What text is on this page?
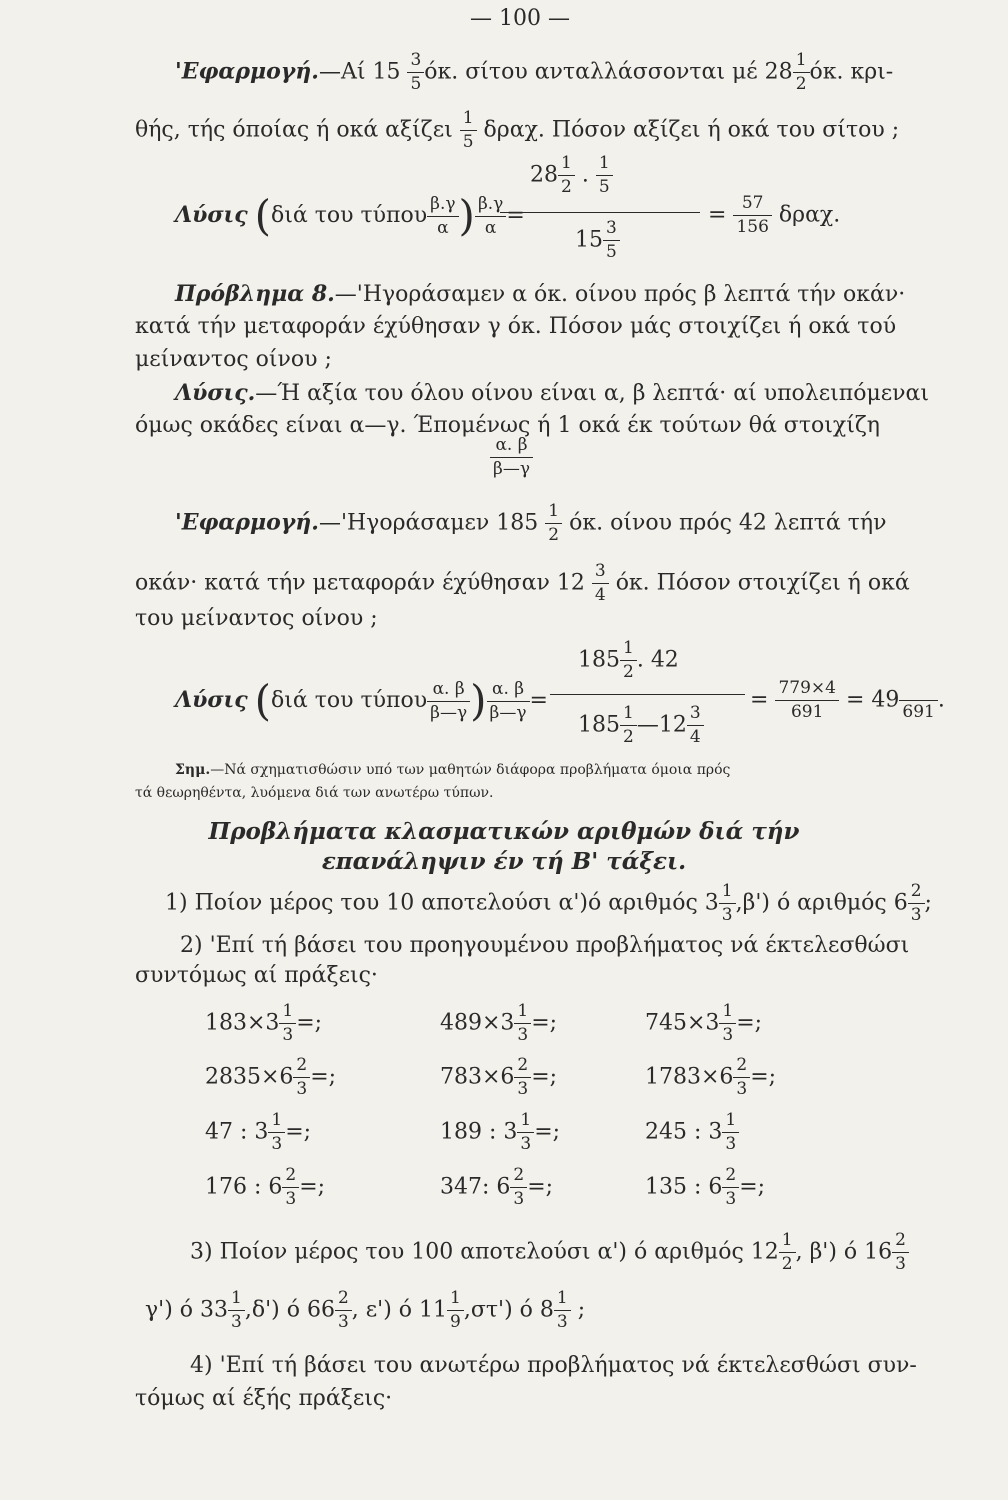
— 100 —
'Εφαρμογή.—Αί $15 \frac{3}{5} ό\kappa$. σίτου ανταλλάσσονται μέ $28 \frac{1}{2} ό\kappa$. κρι-
θής, τής όποίας ή οκά αξίζει $\frac{1}{5} \delta\rho\alpha\chi$. Πόσον αξίζει ή οκά του σίτου ;
Λύσις (διά του τύπου $\frac{\beta.\gamma}{\alpha}$ ) $\frac{\beta.\gamma}{\alpha}$ =
$28 \frac{1}{2}$ . $\frac{1}{5}$
$15 \frac{3}{5}$
= $\frac{57}{156} \delta\rho\alpha\chi$.
Πρόβλημα 8.—'Ηγοράσαμεν α όκ. οίνου πρός β λεπτά τήν οκάν·
κατά τήν μεταφοράν έχύθησαν γ όκ. Πόσον μάς στοιχίζει ή οκά τού
μείναντος οίνου ;
Λύσις.—Ή αξία του όλου οίνου είναι α, β λεπτά· αί υπολειπόμεναι
όμως οκάδες είναι α—γ. Έπομένως ή 1 οκά έκ τούτων θά στοιχίζη
$\frac{\alpha. \beta}{\beta—\gamma}$
'Εφαρμογή.—'Ηγοράσαμεν $185 \frac{1}{2} ό\kappa$. οίνου πρός 42 λεπτά τήν
οκάν· κατά τήν μεταφοράν έχύθησαν $12 \frac{3}{4} ό\kappa$. Πόσον στοιχίζει ή οκά
του μείναντος οίνου ;
Λύσις (διά του τύπου $\frac{\alpha. \beta}{\beta—\gamma}$ ) $\frac{\alpha. \beta}{\beta—\gamma}$ =
$185 \frac{1}{2}$ . 42
$185 \frac{1}{2}$ —12 $\frac{3}{4}$
= $\frac{779\times 4}{691} = 49$
691 .
Σημ.—Νά σχηματισθώσιν υπό των μαθητών διάφορα προβλήματα όμοια πρός
τά θεωρηθέντα, λυόμενα διά των ανωτέρω τύπων.
Προβλήματα κλασματικών αριθμών διά τήν
επανάληψιν έν τή Β' τάξει.
1) Ποίον μέρος του 10 αποτελούσι α')ό αριθμός $3 \frac{1}{3} ,\beta'$) ό αριθμός $6 \frac{2}{3}$ ;
2) 'Επί τή βάσει του προηγουμένου προβλήματος νά έκτελεσθώσι
συντόμως αί πράξεις·
$183\times 3 \frac{1}{3}$ =;	$489\times 3 \frac{1}{3}$ =;	$745\times 3 \frac{1}{3}$ =;
$2835\times 6 \frac{2}{3}$ =;	$783\times 6 \frac{2}{3}$ =;	$1783\times 6 \frac{2}{3}$ =;
47 : $3 \frac{1}{3}$ =;	189 : $3 \frac{1}{3}$ =;	245 : $3 \frac{1}{3}$
176 : $6 \frac{2}{3}$ =;	347: $6 \frac{2}{3}$ =;	135 : $6 \frac{2}{3}$ =;
3) Ποίον μέρος του 100 αποτελούσι α') ό αριθμός $12 \frac{1}{2}$ , β') ό $16 \frac{2}{3}$
γ') ό $33 \frac{1}{3} ,\delta'$) ό $66 \frac{2}{3}$ , ε') ό $11 \frac{1}{9} ,\sigma\tau'$) ό $8 \frac{1}{3}$ ;
4) 'Επί τή βάσει του ανωτέρω προβλήματος νά έκτελεσθώσι συν-
τόμως αί έξής πράξεις·
